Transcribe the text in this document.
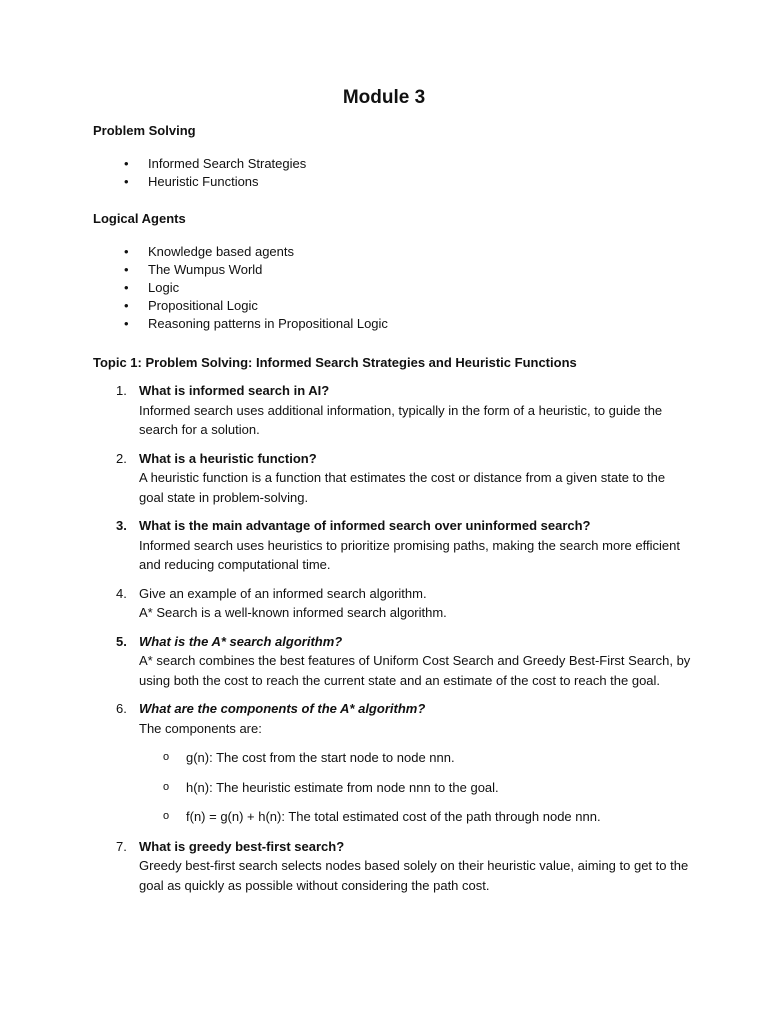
Module 3
Problem Solving
•	Informed Search Strategies
•	Heuristic Functions
Logical Agents
•	Knowledge based agents
•	The Wumpus World
•	Logic
•	Propositional Logic
•	Reasoning patterns in Propositional Logic
Topic 1: Problem Solving: Informed Search Strategies and Heuristic Functions
1. What is informed search in AI?
Informed search uses additional information, typically in the form of a heuristic, to guide the search for a solution.
2. What is a heuristic function?
A heuristic function is a function that estimates the cost or distance from a given state to the goal state in problem-solving.
3. What is the main advantage of informed search over uninformed search?
Informed search uses heuristics to prioritize promising paths, making the search more efficient and reducing computational time.
4. Give an example of an informed search algorithm.
A* Search is a well-known informed search algorithm.
5. What is the A* search algorithm?
A* search combines the best features of Uniform Cost Search and Greedy Best-First Search, by using both the cost to reach the current state and an estimate of the cost to reach the goal.
6. What are the components of the A* algorithm?
The components are:
o g(n): The cost from the start node to node nnn.
o h(n): The heuristic estimate from node nnn to the goal.
o f(n) = g(n) + h(n): The total estimated cost of the path through node nnn.
7. What is greedy best-first search?
Greedy best-first search selects nodes based solely on their heuristic value, aiming to get to the goal as quickly as possible without considering the path cost.
